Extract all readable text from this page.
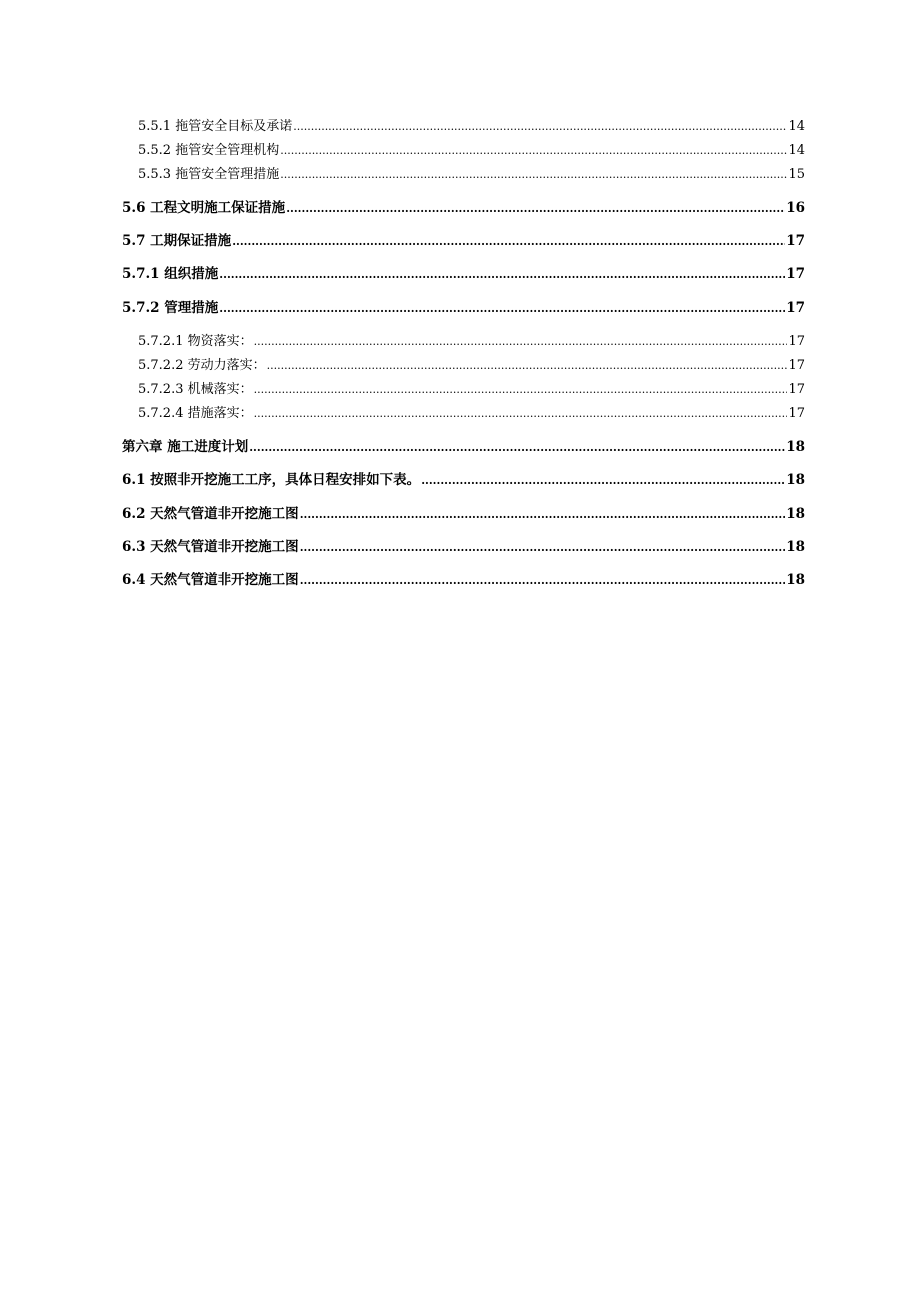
5.5.1 拖管安全目标及承诺 .....	14
5.5.2 拖管安全管理机构 .....	14
5.5.3 拖管安全管理措施 .....	15
5.6 工程文明施工保证措施 .....	16
5.7 工期保证措施 .....	17
5.7.1 组织措施 .....	17
5.7.2 管理措施 .....	17
5.7.2.1 物资落实： .....	17
5.7.2.2 劳动力落实： .....	17
5.7.2.3 机械落实： .....	17
5.7.2.4 措施落实： .....	17
第六章 施工进度计划 .....	18
6.1 按照非开挖施工工序，具体日程安排如下表。 .....	18
6.2 天然气管道非开挖施工图 .....	18
6.3 天然气管道非开挖施工图 .....	18
6.4 天然气管道非开挖施工图 .....	18
